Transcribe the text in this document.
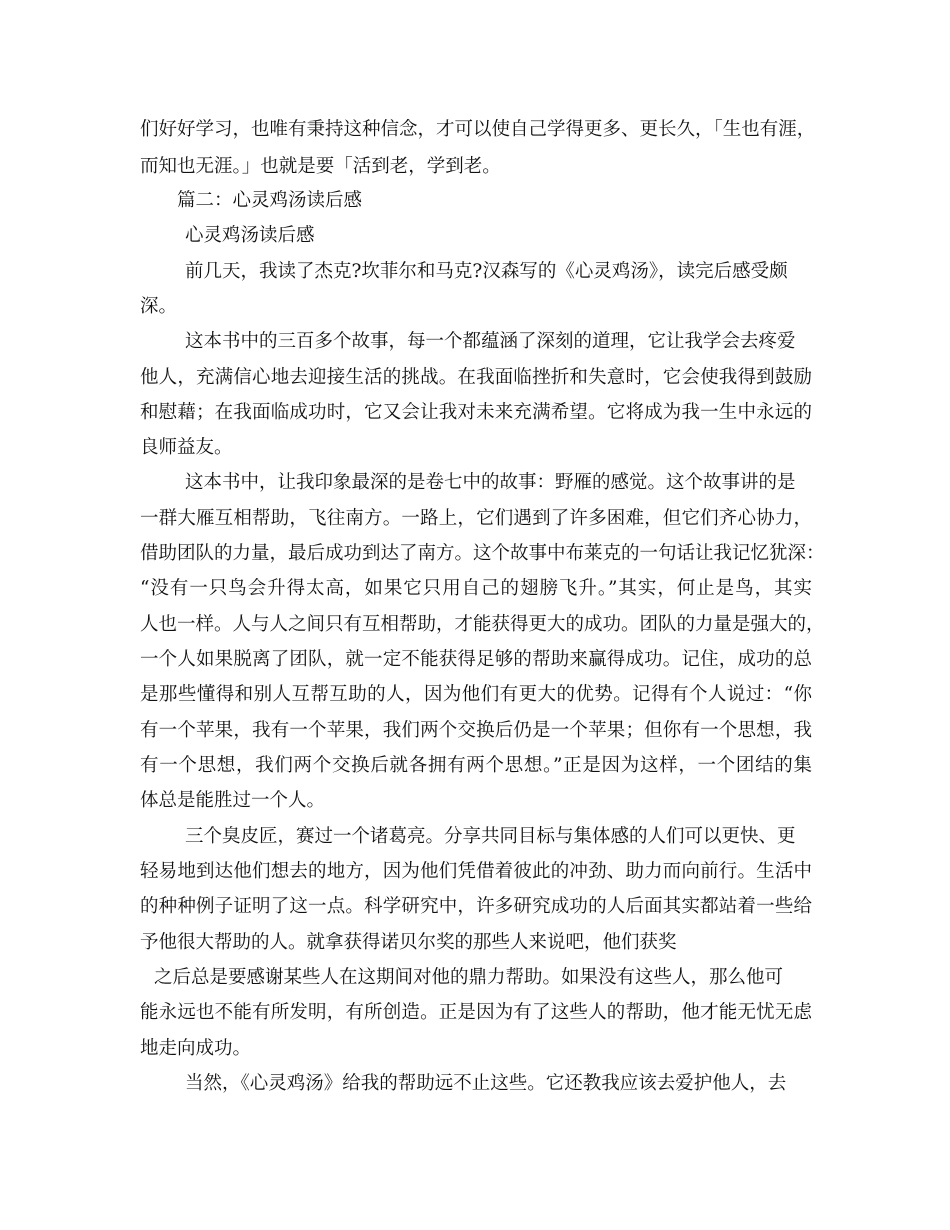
们好好学习，也唯有秉持这种信念，才可以使自己学得更多、更长久，「生也有涯，
而知也无涯。」也就是要「活到老，学到老。
篇二：心灵鸡汤读后感
心灵鸡汤读后感
前几天，我读了杰克?坎菲尔和马克?汉森写的《心灵鸡汤》，读完后感受颇
深。
这本书中的三百多个故事，每一个都蕴涵了深刻的道理，它让我学会去疼爱
他人，充满信心地去迎接生活的挑战。在我面临挫折和失意时，它会使我得到鼓励
和慰藉；在我面临成功时，它又会让我对未来充满希望。它将成为我一生中永远的
良师益友。
这本书中，让我印象最深的是卷七中的故事：野雁的感觉。这个故事讲的是
一群大雁互相帮助，飞往南方。一路上，它们遇到了许多困难，但它们齐心协力，
借助团队的力量，最后成功到达了南方。这个故事中布莱克的一句话让我记忆犹深：
“没有一只鸟会升得太高，如果它只用自己的翅膀飞升。”其实，何止是鸟，其实
人也一样。人与人之间只有互相帮助，才能获得更大的成功。团队的力量是强大的，
一个人如果脱离了团队，就一定不能获得足够的帮助来赢得成功。记住，成功的总
是那些懂得和别人互帮互助的人，因为他们有更大的优势。记得有个人说过：“你
有一个苹果，我有一个苹果，我们两个交换后仍是一个苹果；但你有一个思想，我
有一个思想，我们两个交换后就各拥有两个思想。”正是因为这样，一个团结的集
体总是能胜过一个人。
三个臭皮匠，赛过一个诸葛亮。分享共同目标与集体感的人们可以更快、更
轻易地到达他们想去的地方，因为他们凭借着彼此的冲劲、助力而向前行。生活中
的种种例子证明了这一点。科学研究中，许多研究成功的人后面其实都站着一些给
予他很大帮助的人。就拿获得诺贝尔奖的那些人来说吧，他们获奖
之后总是要感谢某些人在这期间对他的鼎力帮助。如果没有这些人，那么他可
能永远也不能有所发明，有所创造。正是因为有了这些人的帮助，他才能无忧无虑
地走向成功。
当然，《心灵鸡汤》给我的帮助远不止这些。它还教我应该去爱护他人，去
